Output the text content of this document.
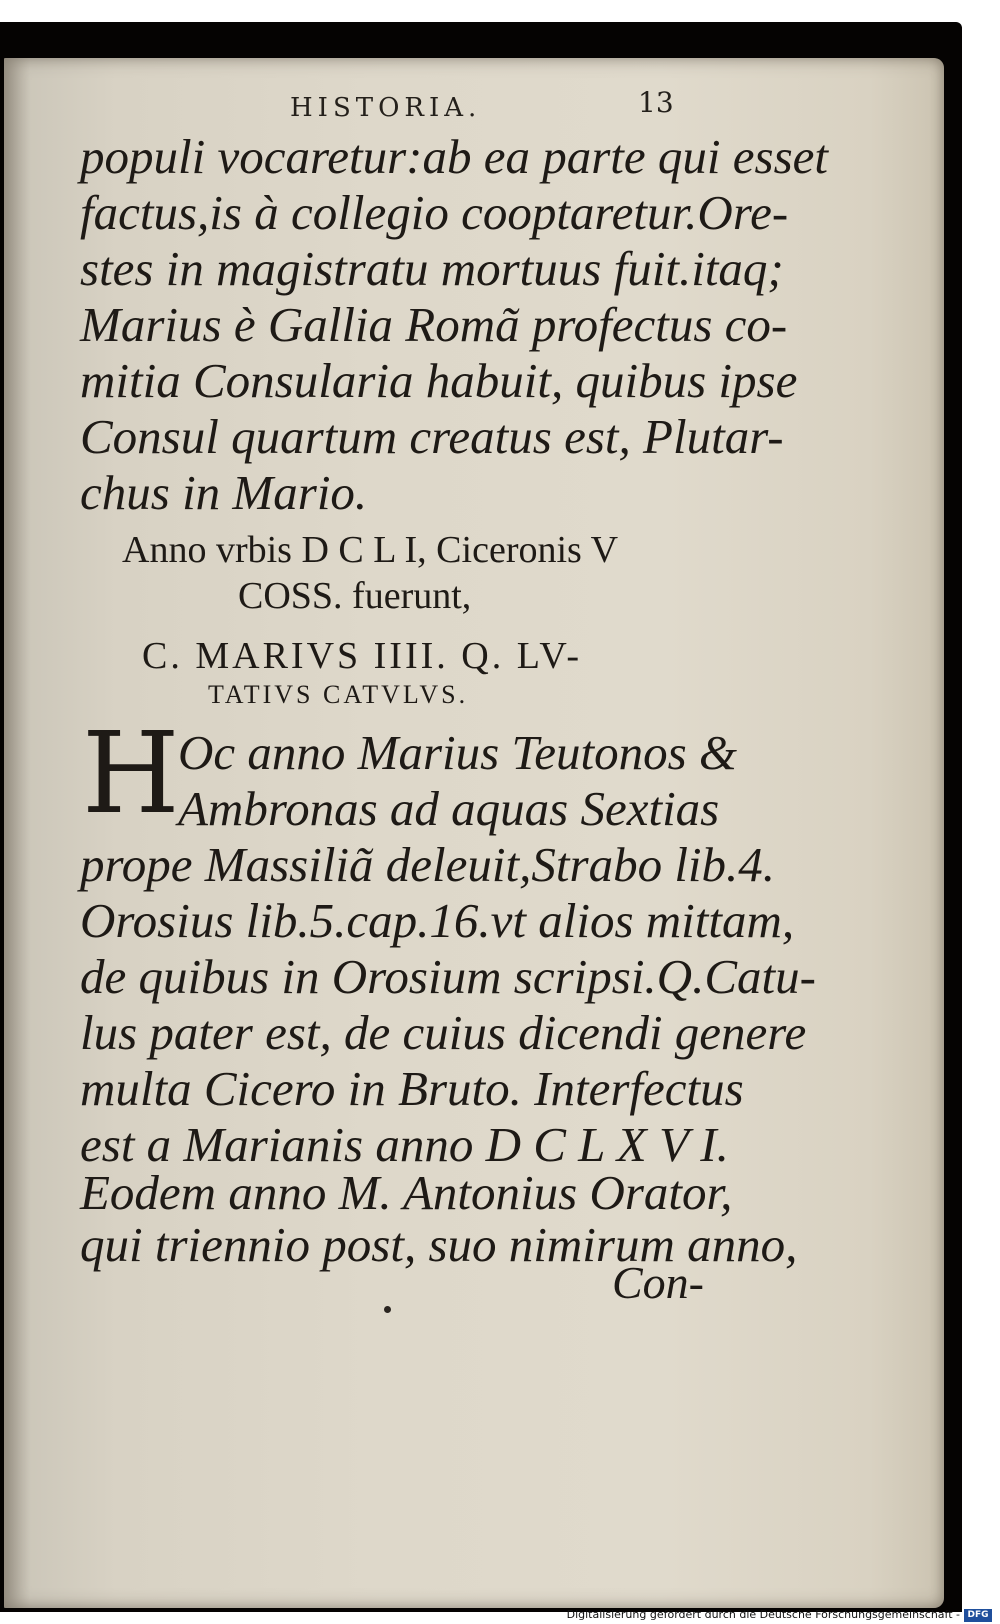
HISTORIA.	13
populi vocaretur:ab ea parte qui esset
factus,is à collegio cooptaretur.Ore-
stes in magistratu mortuus fuit.itaq;
Marius è Gallia Romã profectus co-
mitia Consularia habuit, quibus ipse
Consul quartum creatus est, Plutar-
chus in Mario.
Anno vrbis D C L I, Ciceronis V
COSS. fuerunt,
C. MARIVS IIII. Q. LV-
TATIVS CATVLVS.
H
Oc anno Marius Teutonos &
Ambronas ad aquas Sextias
prope Massiliã deleuit,Strabo lib.4.
Orosius lib.5.cap.16.vt alios mittam,
de quibus in Orosium scripsi.Q.Catu-
lus pater est, de cuius dicendi genere
multa Cicero in Bruto. Interfectus
est a Marianis anno D C L X V I.
Eodem anno M. Antonius Orator,
qui triennio post, suo nimirum anno,
Con-
Digitalisierung gefördert durch die Deutsche Forschungsgemeinschaft - DFG
